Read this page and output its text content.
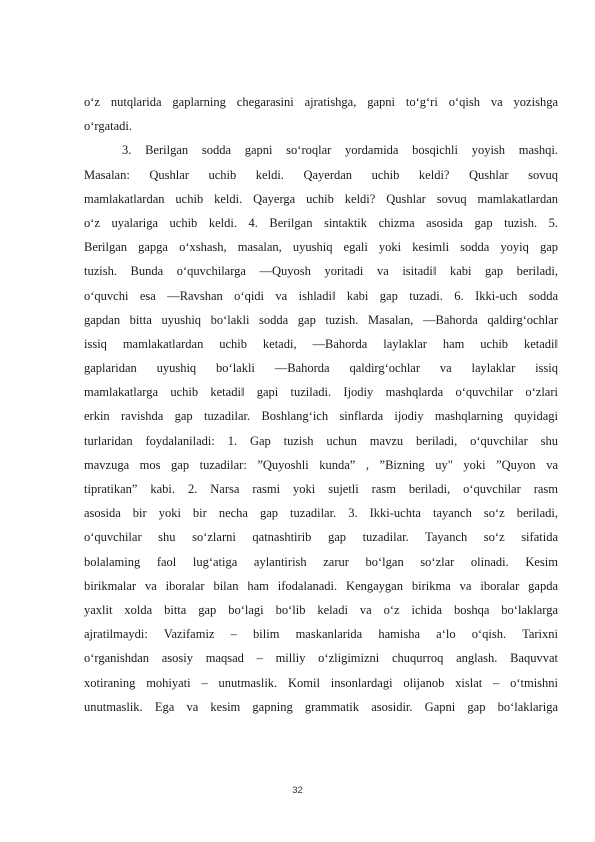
o‘z nutqlarida gaplarning chegarasini ajratishga, gapni to‘g‘ri o‘qish va yozishga
o‘rgatadi.
3. Berilgan sodda gapni so‘roqlar yordamida bosqichli yoyish mashqi.
Masalan: Qushlar uchib keldi. Qayerdan uchib keldi? Qushlar sovuq
mamlakatlardan uchib keldi. Qayerga uchib keldi? Qushlar sovuq mamlakatlardan
o‘z uyalariga uchib keldi. 4. Berilgan sintaktik chizma asosida gap tuzish. 5.
Berilgan gapga o‘xshash, masalan, uyushiq egali yoki kesimli sodda yoyiq gap
tuzish. Bunda o‘quvchilarga ―Quyosh yoritadi va isitadi‖ kabi gap beriladi,
o‘quvchi esa ―Ravshan o‘qidi va ishladi‖ kabi gap tuzadi. 6. Ikki-uch sodda
gapdan bitta uyushiq bo‘lakli sodda gap tuzish. Masalan, ―Bahorda qaldirg‘ochlar
issiq mamlakatlardan uchib ketadi, ―Bahorda laylaklar ham uchib ketadi‖
gaplaridan uyushiq bo‘lakli ―Bahorda qaldirg‘ochlar va laylaklar issiq
mamlakatlarga uchib ketadi‖ gapi tuziladi. Ijodiy mashqlarda o‘quvchilar o‘zlari
erkin ravishda gap tuzadilar. Boshlang‘ich sinflarda ijodiy mashqlarning quyidagi
turlaridan foydalaniladi: 1. Gap tuzish uchun mavzu beriladi, o‘quvchilar shu
mavzuga mos gap tuzadilar: ”Quyoshli kunda” , ”Bizning uy" yoki ”Quyon va
tipratikan” kabi. 2. Narsa rasmi yoki sujetli rasm beriladi, o‘quvchilar rasm
asosida bir yoki bir necha gap tuzadilar. 3. Ikki-uchta tayanch so‘z beriladi,
o‘quvchilar shu so‘zlarni qatnashtirib gap tuzadilar. Tayanch so‘z sifatida
bolalaming faol lug‘atiga aylantirish zarur bo‘lgan so‘zlar olinadi. Kesim
birikmalar va iboralar bilan ham ifodalanadi. Kengaygan birikma va iboralar gapda
yaxlit xolda bitta gap bo‘lagi bo‘lib keladi va o‘z ichida boshqa bo‘laklarga
ajratilmaydi: Vazifamiz – bilim maskanlarida hamisha a‘lo o‘qish. Tarixni
o‘rganishdan asosiy maqsad – milliy o‘zligimizni chuqurroq anglash. Baquvvat
xotiraning mohiyati – unutmaslik. Komil insonlardagi olijanob xislat – o‘tmishni
unutmaslik. Ega va kesim gapning grammatik asosidir. Gapni gap bo‘laklariga
32
